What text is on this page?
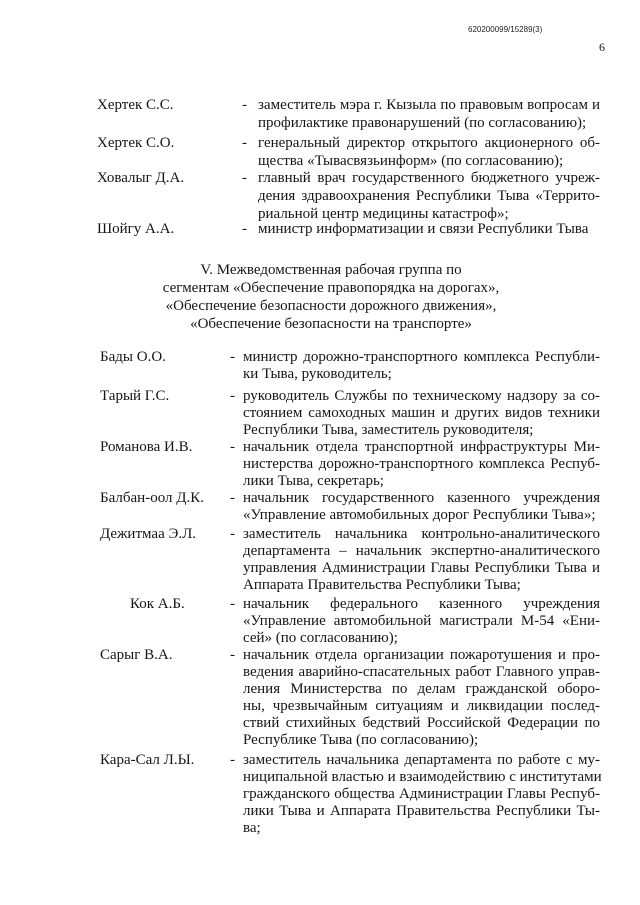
620200099/15289(3)
6
Хертек С.С.	- заместитель мэра г. Кызыла по правовым вопросам и
профилактике правонарушений (по согласованию);
Хертек С.О.	- генеральный директор открытого акционерного об-
щества «Тывасвязьинформ» (по согласованию);
Ховалыг Д.А.	- главный врач государственного бюджетного учреж-
дения здравоохранения Республики Тыва «Террито-
риальной центр медицины катастроф»;
Шойгу А.А.	- министр информатизации и связи Республики Тыва
V. Межведомственная рабочая группа по
сегментам «Обеспечение правопорядка на дорогах»,
«Обеспечение безопасности дорожного движения»,
«Обеспечение безопасности на транспорте»
Бады О.О.	- министр дорожно-транспортного комплекса Республи-
ки Тыва, руководитель;
Тарый Г.С.	- руководитель Службы по техническому надзору за со-
стоянием самоходных машин и других видов техники
Республики Тыва, заместитель руководителя;
Романова И.В.	- начальник отдела транспортной инфраструктуры Ми-
нистерства дорожно-транспортного комплекса Респуб-
лики Тыва, секретарь;
Балбан-оол Д.К. - начальник государственного казенного учреждения
«Управление автомобильных дорог Республики Тыва»;
Дежитмаа Э.Л. - заместитель начальника контрольно-аналитического
департамента – начальник экспертно-аналитического
управления Администрации Главы Республики Тыва и
Аппарата Правительства Республики Тыва;
Кок А.Б.	- начальник федерального казенного учреждения
«Управление автомобильной магистрали М-54 «Ени-
сей» (по согласованию);
Сарыг В.А.	- начальник отдела организации пожаротушения и про-
ведения аварийно-спасательных работ Главного управ-
ления Министерства по делам гражданской оборо-
ны, чрезвычайным ситуациям и ликвидации послед-
ствий стихийных бедствий Российской Федерации по
Республике Тыва (по согласованию);
Кара-Сал Л.Ы. - заместитель начальника департамента по работе с му-
ниципальной властью и взаимодействию с институтами
гражданского общества Администрации Главы Респуб-
лики Тыва и Аппарата Правительства Республики Ты-
ва;
